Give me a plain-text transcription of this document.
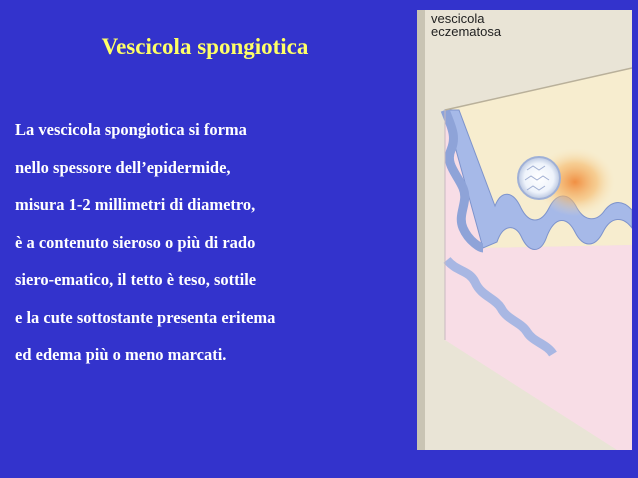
Vescicola spongiotica
La vescicola spongiotica si forma
nello spessore dell’epidermide,
misura 1-2 millimetri di diametro,
è a contenuto sieroso o più di rado
siero-ematico, il tetto è teso, sottile
e la cute sottostante presenta eritema
ed edema più o meno marcati.
vescicola
eczematosa
